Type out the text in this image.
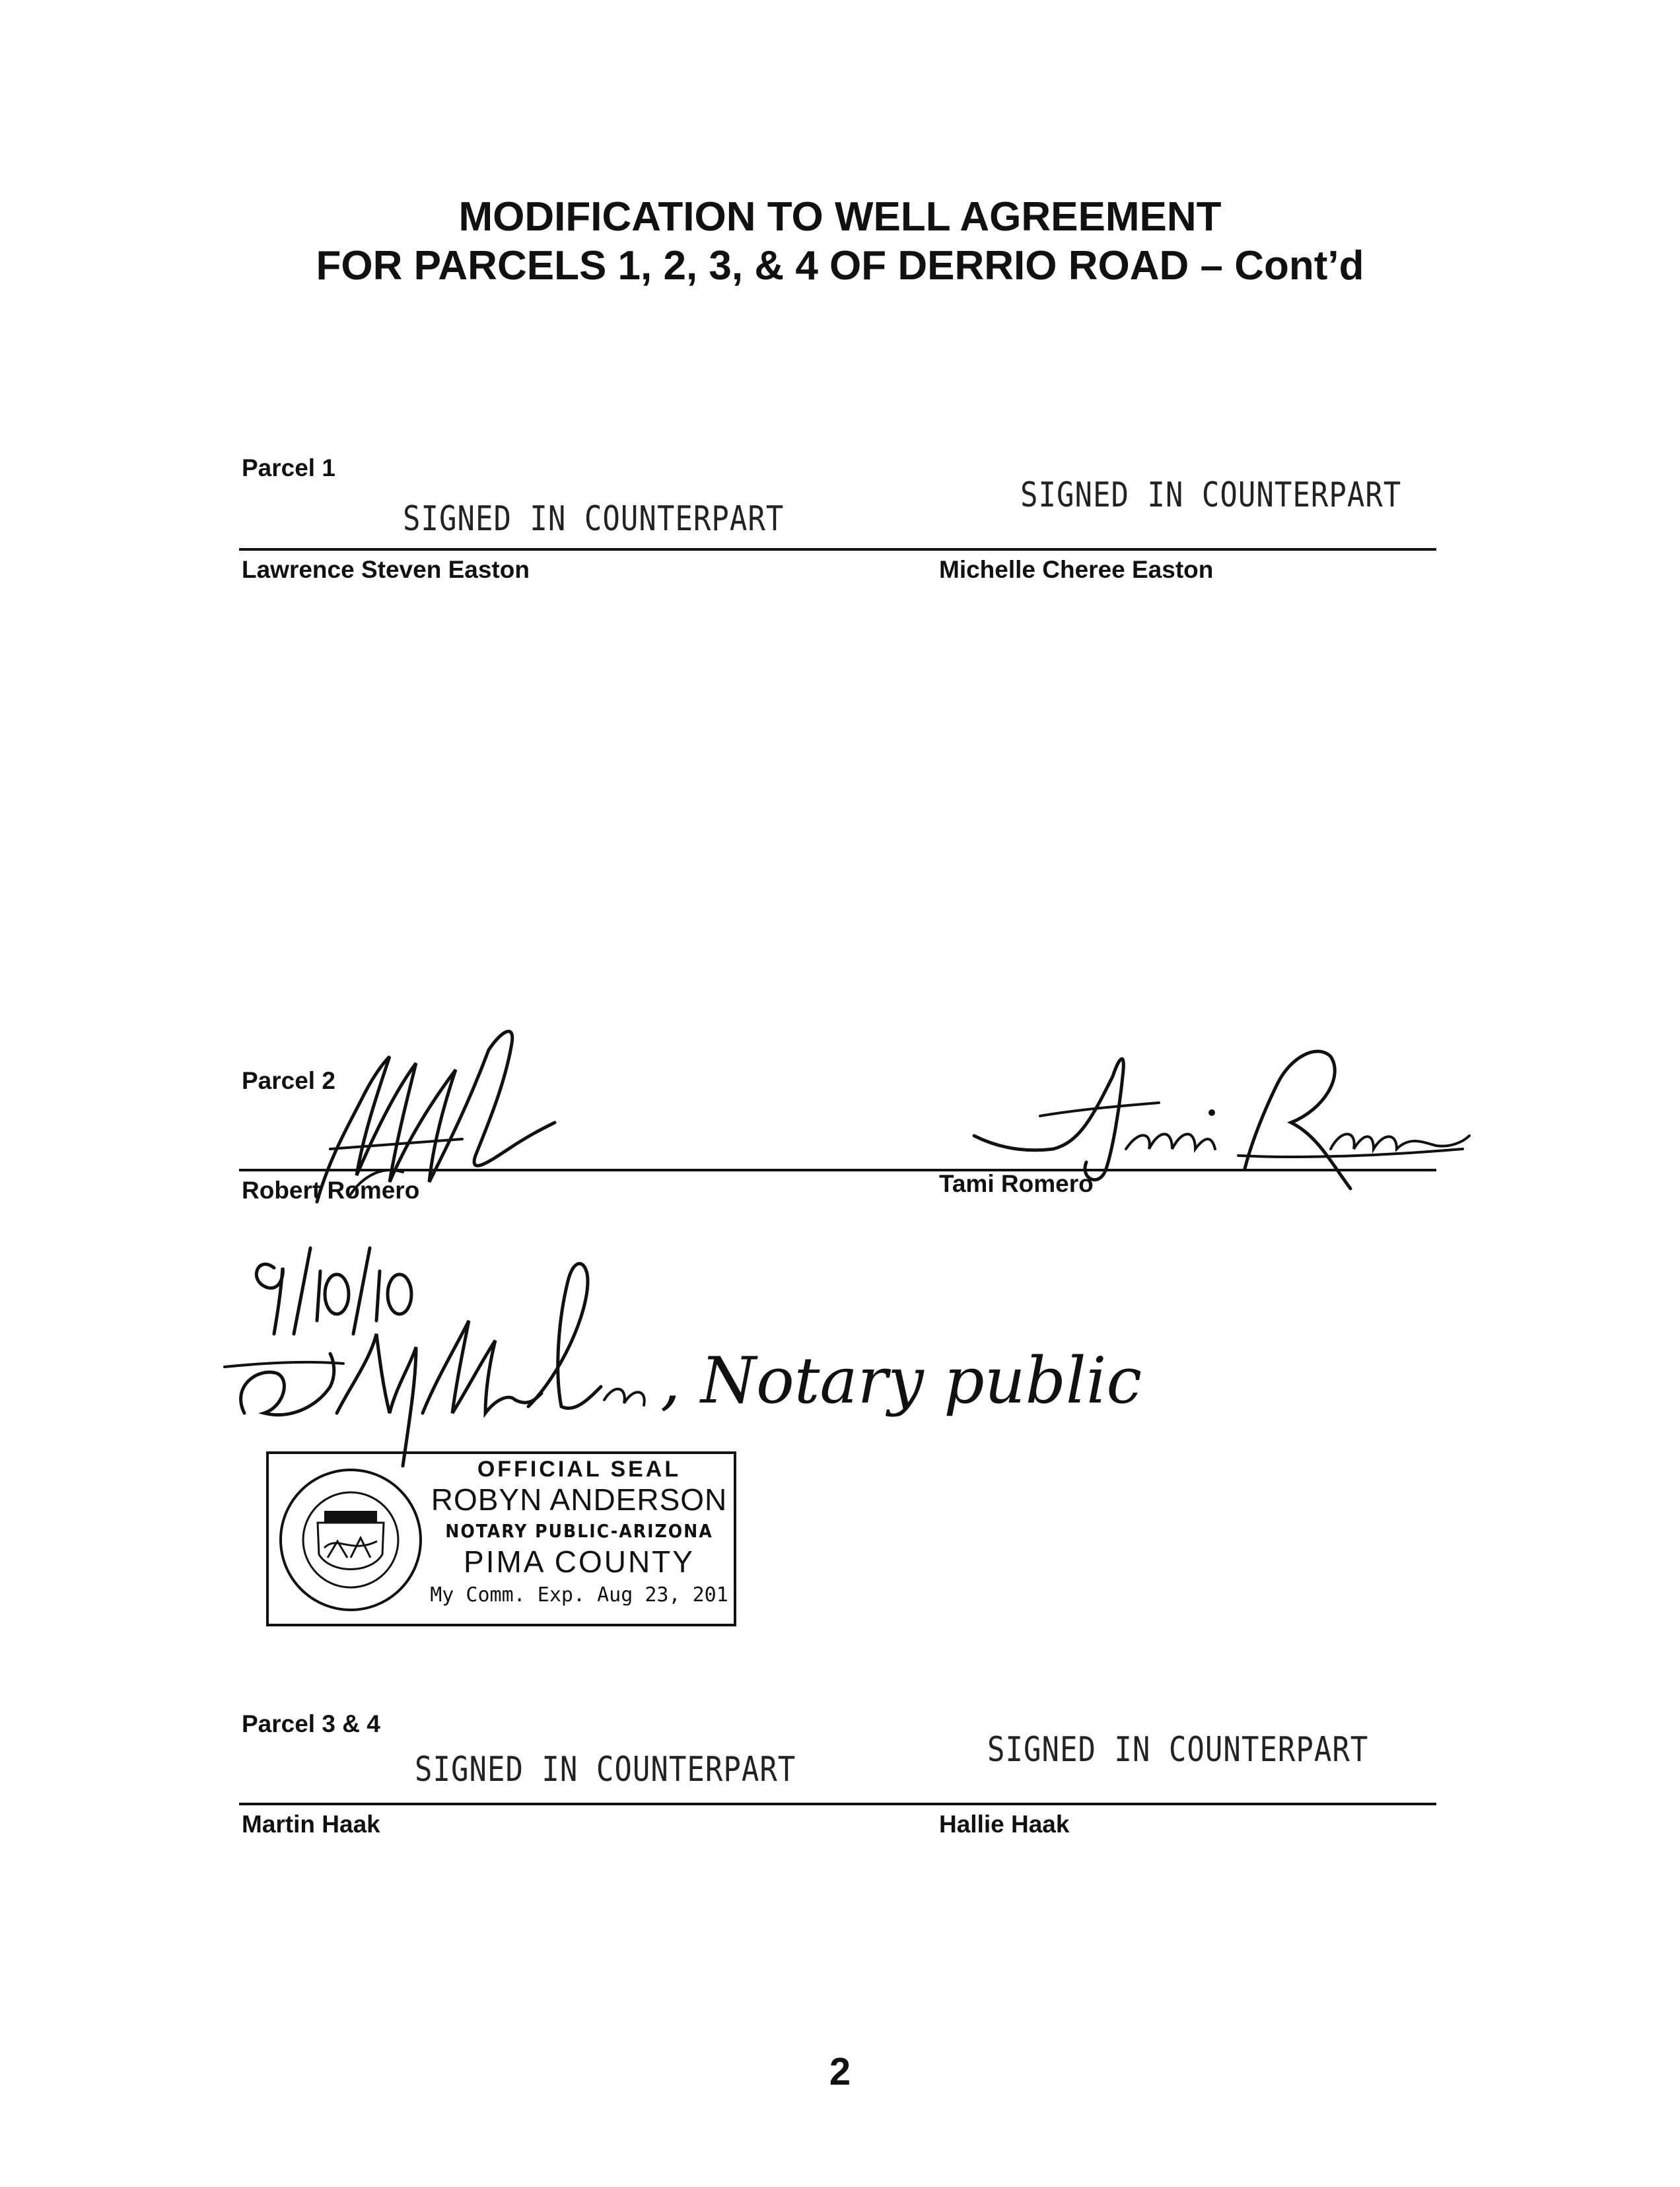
MODIFICATION TO WELL AGREEMENT
FOR PARCELS 1, 2, 3, & 4 OF DERRIO ROAD – Cont’d
Parcel 1
SIGNED IN COUNTERPART
SIGNED IN COUNTERPART
Lawrence Steven Easton	Michelle Cheree Easton
Parcel 2
Robert Romero	Tami Romero
, Notary public
OFFICIAL SEAL
ROBYN ANDERSON
NOTARY PUBLIC-ARIZONA
PIMA COUNTY
My Comm. Exp. Aug 23, 201
Parcel 3 & 4
SIGNED IN COUNTERPART	SIGNED IN COUNTERPART
Martin Haak	Hallie Haak
2
